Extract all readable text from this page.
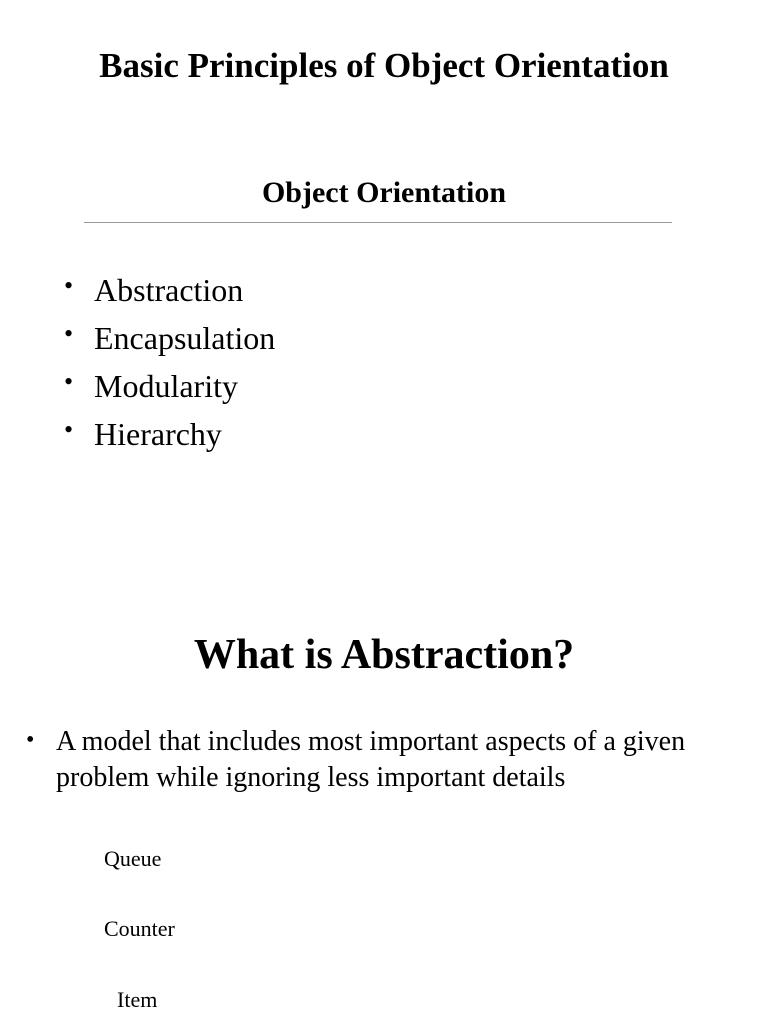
Basic Principles of Object Orientation
Object Orientation
• Abstraction
• Encapsulation
• Modularity
• Hierarchy
What is Abstraction?
• A model that includes most important aspects of a given problem while ignoring less important details
Queue
Counter
Item
